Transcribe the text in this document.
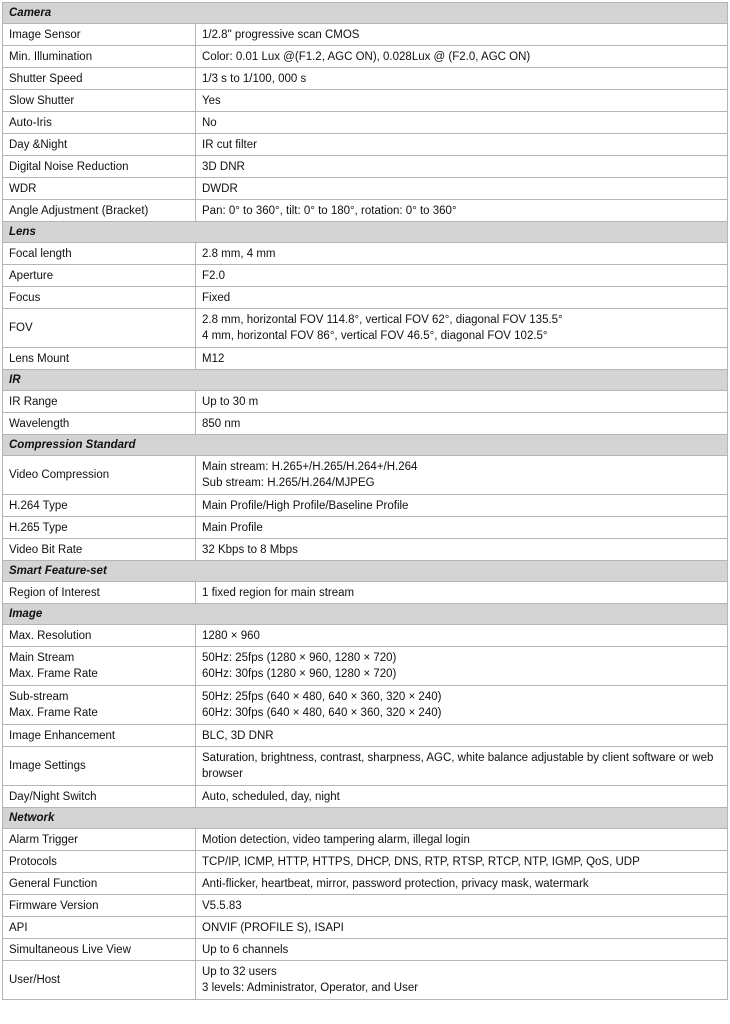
Camera	

Image Sensor	1/2.8" progressive scan CMOS

Min. Illumination	Color: 0.01 Lux @(F1.2, AGC ON), 0.028Lux @ (F2.0, AGC ON)

Shutter Speed	1/3 s to 1/100, 000 s

Slow Shutter	Yes

Auto-Iris	No

Day &Night	IR cut filter

Digital Noise Reduction	3D DNR

WDR	DWDR

Angle Adjustment (Bracket)	Pan: 0° to 360°, tilt: 0° to 180°, rotation: 0° to 360°

Lens	

Focal length	2.8 mm, 4 mm

Aperture	F2.0

Focus	Fixed

FOV	2.8 mm, horizontal FOV 114.8°, vertical FOV 62°, diagonal FOV 135.5°
4 mm, horizontal FOV 86°, vertical FOV 46.5°, diagonal FOV 102.5°

Lens Mount	M12

IR	

IR Range	Up to 30 m

Wavelength	850 nm

Compression Standard	

Video Compression	Main stream: H.265+/H.265/H.264+/H.264
Sub stream: H.265/H.264/MJPEG

H.264 Type	Main Profile/High Profile/Baseline Profile

H.265 Type	Main Profile

Video Bit Rate	32 Kbps to 8 Mbps

Smart Feature-set	

Region of Interest	1 fixed region for main stream

Image	

Max. Resolution	1280 × 960

Main Stream
Max. Frame Rate	50Hz: 25fps (1280 × 960, 1280 × 720)
60Hz: 30fps (1280 × 960, 1280 × 720)

Sub-stream
Max. Frame Rate	50Hz: 25fps (640 × 480, 640 × 360, 320 × 240)
60Hz: 30fps (640 × 480, 640 × 360, 320 × 240)

Image Enhancement	BLC, 3D DNR

Image Settings	Saturation, brightness, contrast, sharpness, AGC, white balance adjustable by client software or web browser

Day/Night Switch	Auto, scheduled, day, night

Network	

Alarm Trigger	Motion detection, video tampering alarm, illegal login

Protocols	TCP/IP, ICMP, HTTP, HTTPS, DHCP, DNS, RTP, RTSP, RTCP, NTP, IGMP, QoS, UDP

General Function	Anti-flicker, heartbeat, mirror, password protection, privacy mask, watermark

Firmware Version	V5.5.83

API	ONVIF (PROFILE S), ISAPI

Simultaneous Live View	Up to 6 channels

User/Host	Up to 32 users
3 levels: Administrator, Operator, and User
